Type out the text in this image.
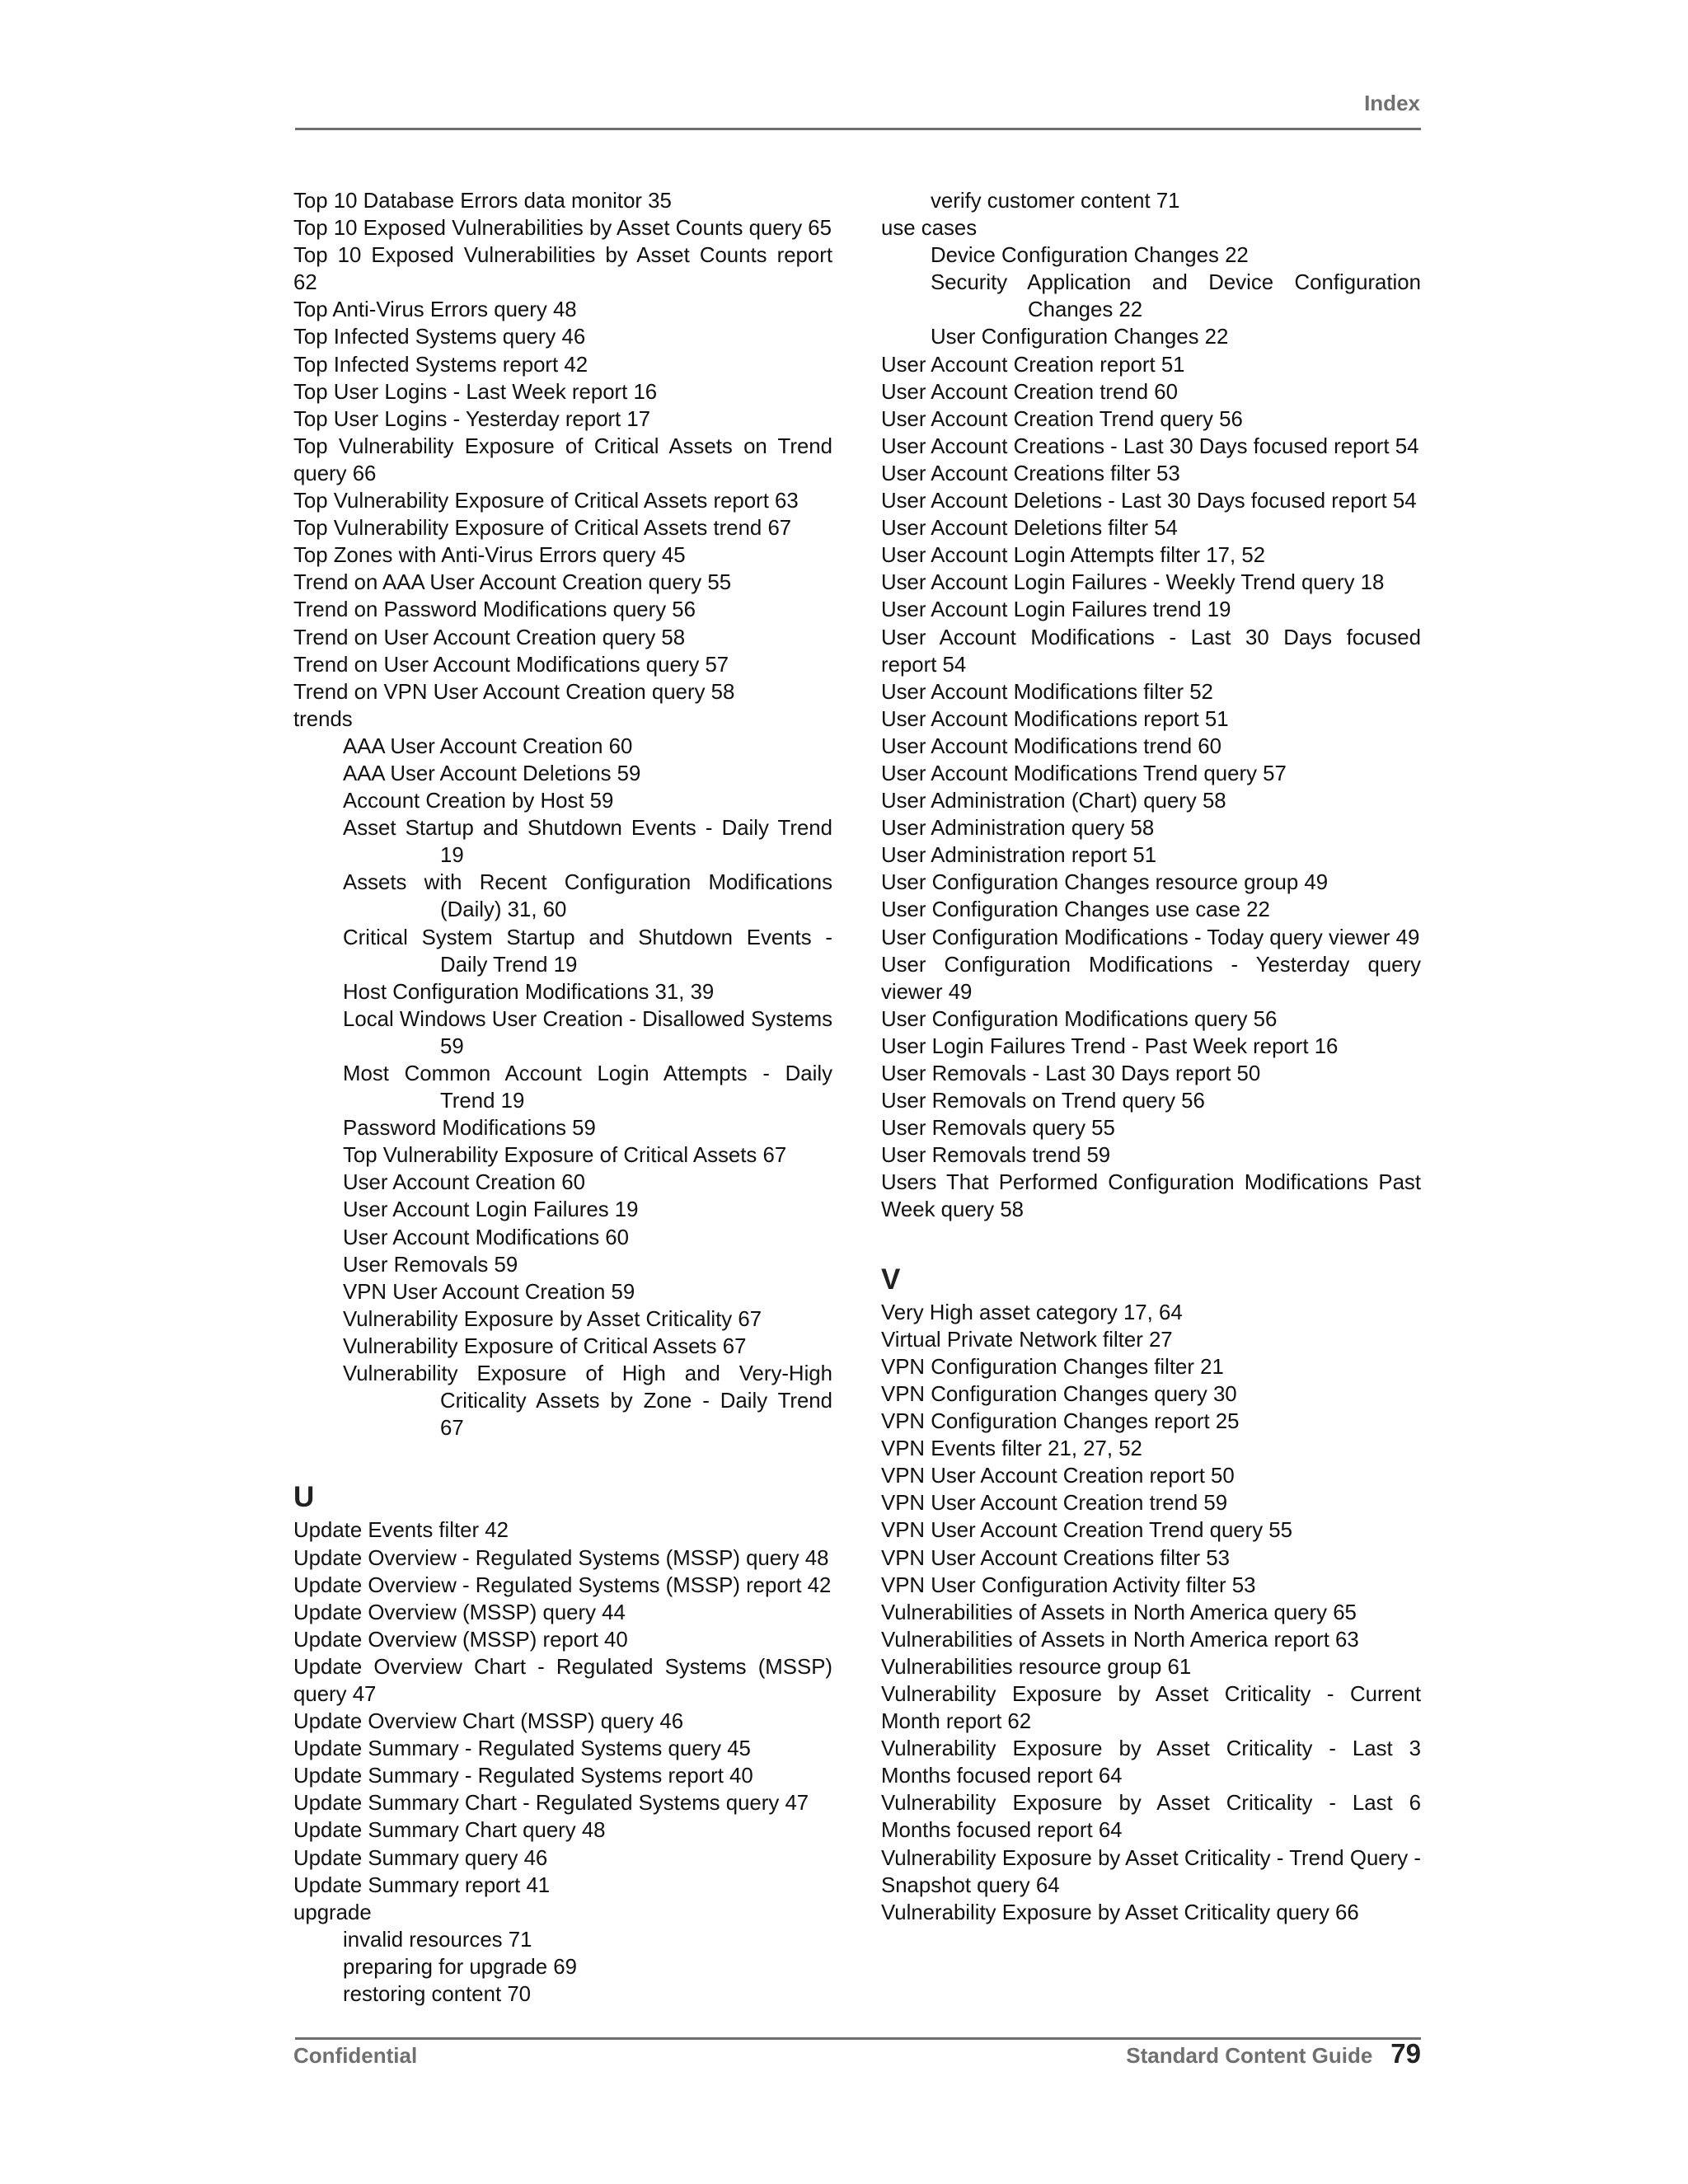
Index
Top 10 Database Errors data monitor 35
Top 10 Exposed Vulnerabilities by Asset Counts query 65
Top 10 Exposed Vulnerabilities by Asset Counts report 62
Top Anti-Virus Errors query 48
Top Infected Systems query 46
Top Infected Systems report 42
Top User Logins - Last Week report 16
Top User Logins - Yesterday report 17
Top Vulnerability Exposure of Critical Assets on Trend query 66
Top Vulnerability Exposure of Critical Assets report 63
Top Vulnerability Exposure of Critical Assets trend 67
Top Zones with Anti-Virus Errors query 45
Trend on AAA User Account Creation query 55
Trend on Password Modifications query 56
Trend on User Account Creation query 58
Trend on User Account Modifications query 57
Trend on VPN User Account Creation query 58
trends
AAA User Account Creation 60
AAA User Account Deletions 59
Account Creation by Host 59
Asset Startup and Shutdown Events - Daily Trend 19
Assets with Recent Configuration Modifications (Daily) 31, 60
Critical System Startup and Shutdown Events - Daily Trend 19
Host Configuration Modifications 31, 39
Local Windows User Creation - Disallowed Systems 59
Most Common Account Login Attempts - Daily Trend 19
Password Modifications 59
Top Vulnerability Exposure of Critical Assets 67
User Account Creation 60
User Account Login Failures 19
User Account Modifications 60
User Removals 59
VPN User Account Creation 59
Vulnerability Exposure by Asset Criticality 67
Vulnerability Exposure of Critical Assets 67
Vulnerability Exposure of High and Very-High Criticality Assets by Zone - Daily Trend 67
U
Update Events filter 42
Update Overview - Regulated Systems (MSSP) query 48
Update Overview - Regulated Systems (MSSP) report 42
Update Overview (MSSP) query 44
Update Overview (MSSP) report 40
Update Overview Chart - Regulated Systems (MSSP) query 47
Update Overview Chart (MSSP) query 46
Update Summary - Regulated Systems query 45
Update Summary - Regulated Systems report 40
Update Summary Chart - Regulated Systems query 47
Update Summary Chart query 48
Update Summary query 46
Update Summary report 41
upgrade
invalid resources 71
preparing for upgrade 69
restoring content 70
verify customer content 71
use cases
Device Configuration Changes 22
Security Application and Device Configuration Changes 22
User Configuration Changes 22
User Account Creation report 51
User Account Creation trend 60
User Account Creation Trend query 56
User Account Creations - Last 30 Days focused report 54
User Account Creations filter 53
User Account Deletions - Last 30 Days focused report 54
User Account Deletions filter 54
User Account Login Attempts filter 17, 52
User Account Login Failures - Weekly Trend query 18
User Account Login Failures trend 19
User Account Modifications - Last 30 Days focused report 54
User Account Modifications filter 52
User Account Modifications report 51
User Account Modifications trend 60
User Account Modifications Trend query 57
User Administration (Chart) query 58
User Administration query 58
User Administration report 51
User Configuration Changes resource group 49
User Configuration Changes use case 22
User Configuration Modifications - Today query viewer 49
User Configuration Modifications - Yesterday query viewer 49
User Configuration Modifications query 56
User Login Failures Trend - Past Week report 16
User Removals - Last 30 Days report 50
User Removals on Trend query 56
User Removals query 55
User Removals trend 59
Users That Performed Configuration Modifications Past Week query 58
V
Very High asset category 17, 64
Virtual Private Network filter 27
VPN Configuration Changes filter 21
VPN Configuration Changes query 30
VPN Configuration Changes report 25
VPN Events filter 21, 27, 52
VPN User Account Creation report 50
VPN User Account Creation trend 59
VPN User Account Creation Trend query 55
VPN User Account Creations filter 53
VPN User Configuration Activity filter 53
Vulnerabilities of Assets in North America query 65
Vulnerabilities of Assets in North America report 63
Vulnerabilities resource group 61
Vulnerability Exposure by Asset Criticality - Current Month report 62
Vulnerability Exposure by Asset Criticality - Last 3 Months focused report 64
Vulnerability Exposure by Asset Criticality - Last 6 Months focused report 64
Vulnerability Exposure by Asset Criticality - Trend Query - Snapshot query 64
Vulnerability Exposure by Asset Criticality query 66
Confidential	Standard Content Guide 79
